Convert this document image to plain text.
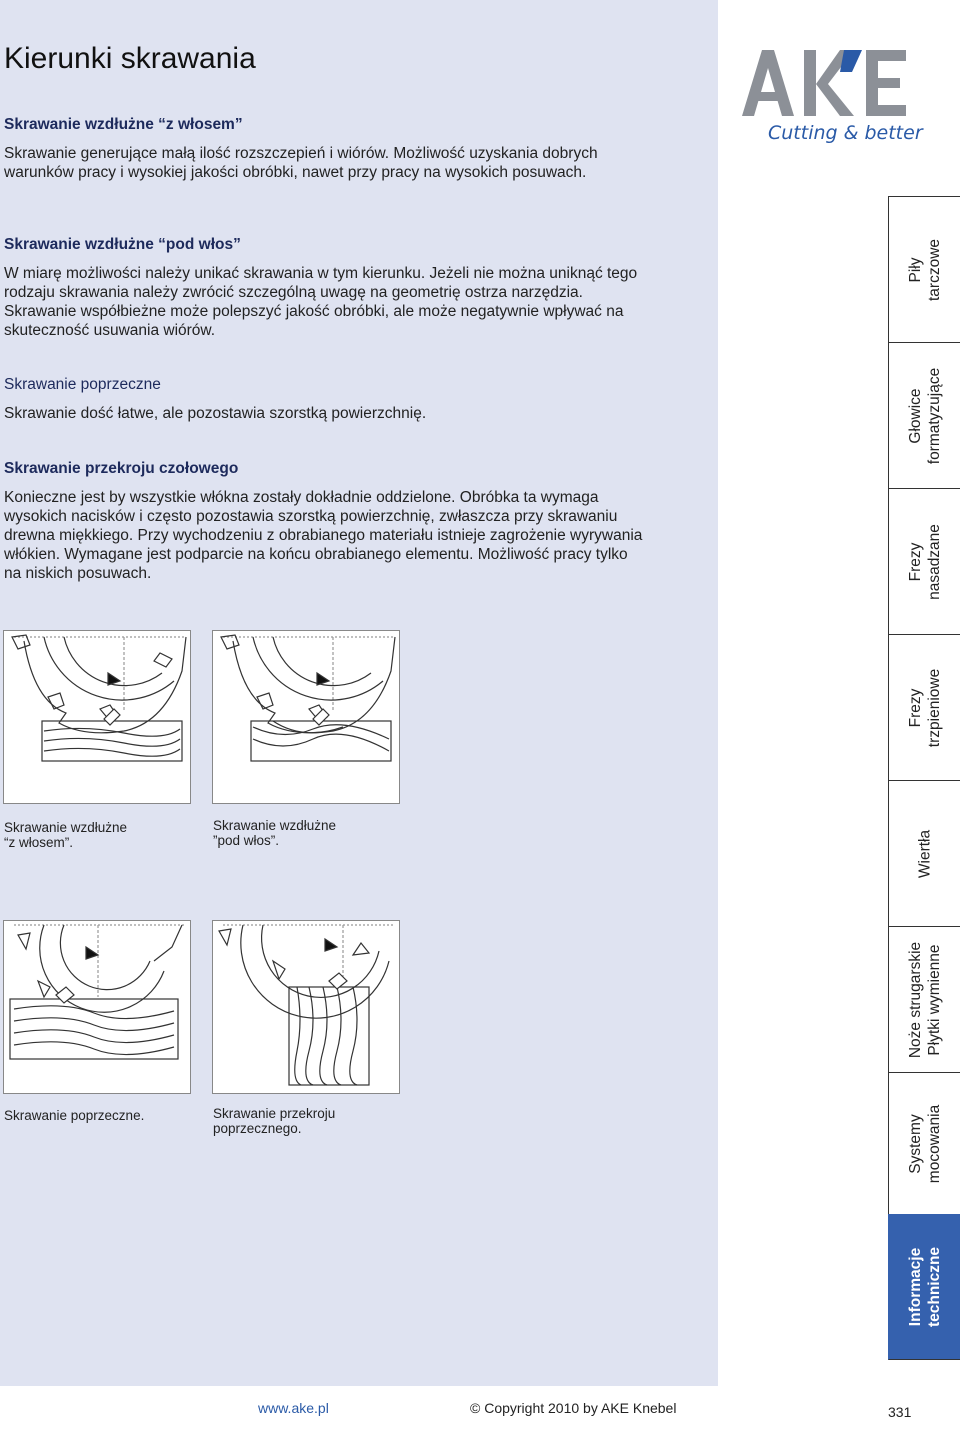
Kierunki skrawania
Cutting & better

Skrawanie wzdłużne “z włosem”

Skrawanie generujące małą ilość rozszczepień i wiórów. Możliwość uzyskania dobrych warunków pracy i wysokiej jakości obróbki, nawet przy pracy na wysokich posuwach.

Skrawanie wzdłużne “pod włos”

W miarę możliwości należy unikać skrawania w tym kierunku. Jeżeli nie można uniknąć tego rodzaju skrawania należy zwrócić szczególną uwagę na geometrię ostrza narzędzia. Skrawanie współbieżne może polepszyć jakość obróbki, ale może negatywnie wpływać na skuteczność usuwania wiórów.

Skrawanie poprzeczne

Skrawanie dość łatwe, ale pozostawia szorstką powierzchnię.

Skrawanie przekroju czołowego

Konieczne jest by wszystkie włókna zostały dokładnie oddzielone. Obróbka ta wymaga wysokich nacisków i często pozostawia szorstką powierzchnię, zwłaszcza przy skrawaniu drewna miękkiego. Przy wychodzeniu z obrabianego materiału istnieje zagrożenie wyrywania włókien. Wymagane jest podparcie na końcu obrabianego elementu. Możliwość pracy tylko na niskich posuwach.

Skrawanie wzdłużne
“z włosem”.
Skrawanie wzdłużne
”pod włos”.
Skrawanie poprzeczne.	Skrawanie przekroju
poprzecznego.
Piły tarczowe
Głowice formatyzujące
Frezy nasadzane
Frezy trzpieniowe
Wiertła
Noże strugarskie Płytki wymienne
Systemy mocowania
Informacje techniczne
www.ake.pl	© Copyright 2010 by AKE Knebel	331
